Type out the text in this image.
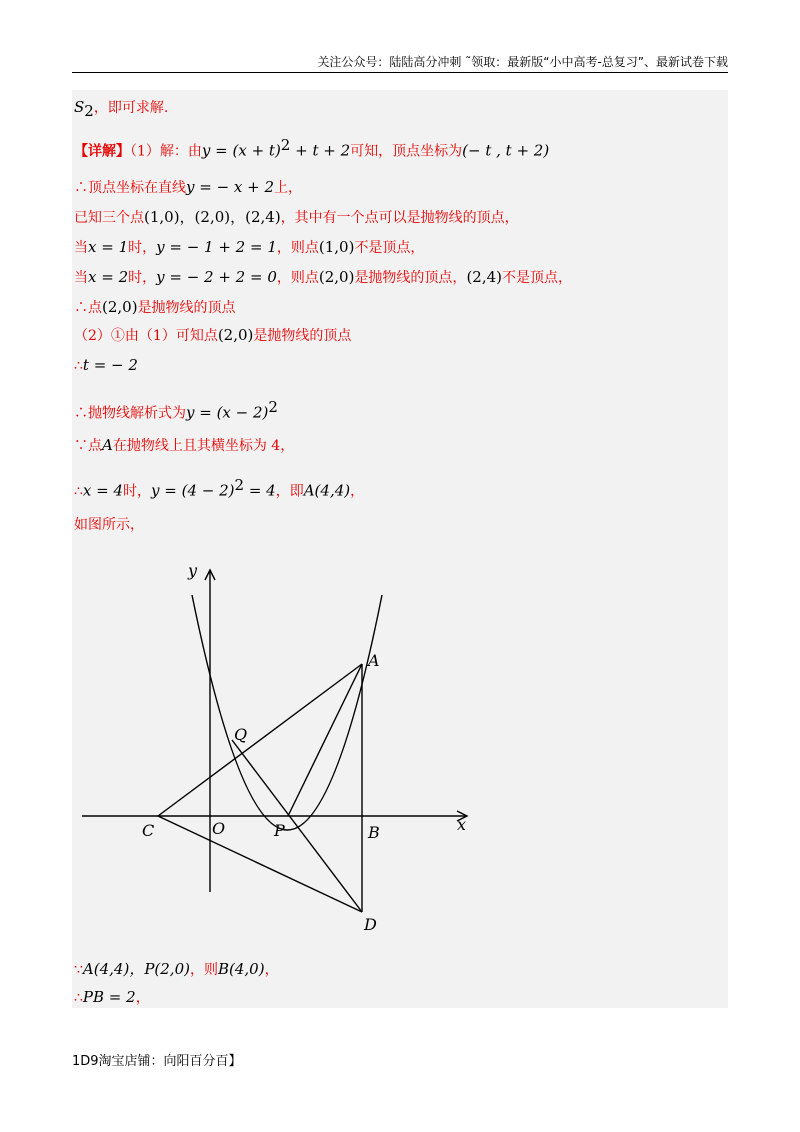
关注公众号：陆陆高分冲刺 ˜领取：最新版“小中高考-总复习”、最新试卷下载
$S_2$，即可求解.
【详解】（1）解：由$y = (x + t)^2 + t + 2$可知，顶点坐标为(− t , t + 2)
∴顶点坐标在直线y = − x + 2上，
已知三个点(1,0)，(2,0)，(2,4)，其中有一个点可以是抛物线的顶点，
当x = 1时，y = − 1 + 2 = 1，则点(1,0)不是顶点，
当x = 2时，y = − 2 + 2 = 0，则点(2,0)是抛物线的顶点，(2,4)不是顶点，
∴点(2,0)是抛物线的顶点
（2）①由（1）可知点(2,0)是抛物线的顶点
∴t = − 2
∴抛物线解析式为$y = (x - 2)^2$
∵点A在抛物线上且其横坐标为 4，
∴x = 4时，$y = (4 - 2)^2 = 4$，即A(4,4)，
如图所示，
y
x
O
A
B
C
D
P
Q
∵A(4,4)，P(2,0)，则B(4,0)，
∴PB = 2，
1D9淘宝店铺：向阳百分百】
